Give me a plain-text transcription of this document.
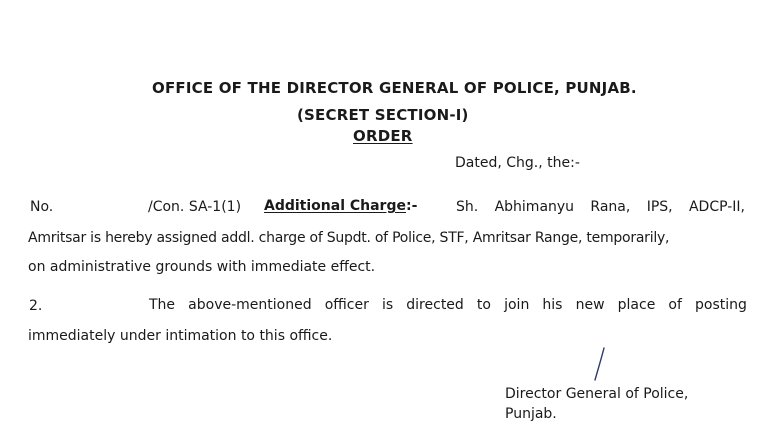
OFFICE OF THE DIRECTOR GENERAL OF POLICE, PUNJAB.
(SECRET SECTION-I)
ORDER
Dated, Chg., the:-
No.	/Con. SA-1(1) Additional Charge:-	Sh. Abhimanyu Rana, IPS, ADCP-II,
Amritsar is hereby assigned addl. charge of Supdt. of Police, STF, Amritsar Range, temporarily,
on administrative grounds with immediate effect.
2.	The above-mentioned officer is directed to join his new place of posting
immediately under intimation to this office.
Director General of Police,
Punjab.
